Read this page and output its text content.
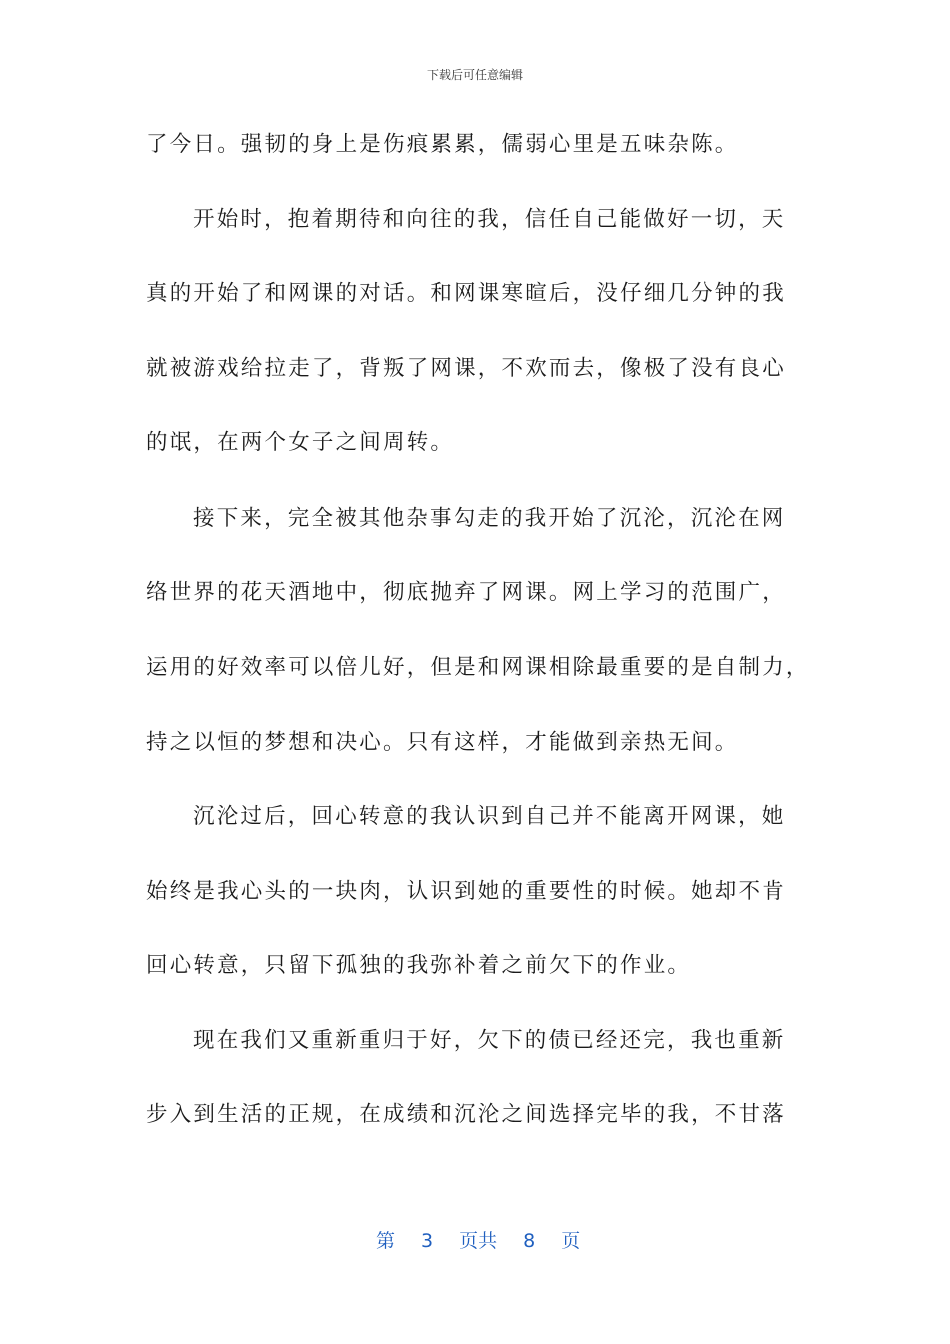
下载后可任意编辑
了今日。强韧的身上是伤痕累累，儒弱心里是五味杂陈。
开始时，抱着期待和向往的我，信任自己能做好一切，天
真的开始了和网课的对话。和网课寒暄后，没仔细几分钟的我
就被游戏给拉走了，背叛了网课，不欢而去，像极了没有良心
的氓，在两个女子之间周转。
接下来，完全被其他杂事勾走的我开始了沉沦，沉沦在网
络世界的花天酒地中，彻底抛弃了网课。网上学习的范围广，
运用的好效率可以倍儿好，但是和网课相除最重要的是自制力，
持之以恒的梦想和决心。只有这样，才能做到亲热无间。
沉沦过后，回心转意的我认识到自己并不能离开网课，她
始终是我心头的一块肉，认识到她的重要性的时候。她却不肯
回心转意，只留下孤独的我弥补着之前欠下的作业。
现在我们又重新重归于好，欠下的债已经还完，我也重新
步入到生活的正规，在成绩和沉沦之间选择完毕的我，不甘落
第 3 页共 8 页
